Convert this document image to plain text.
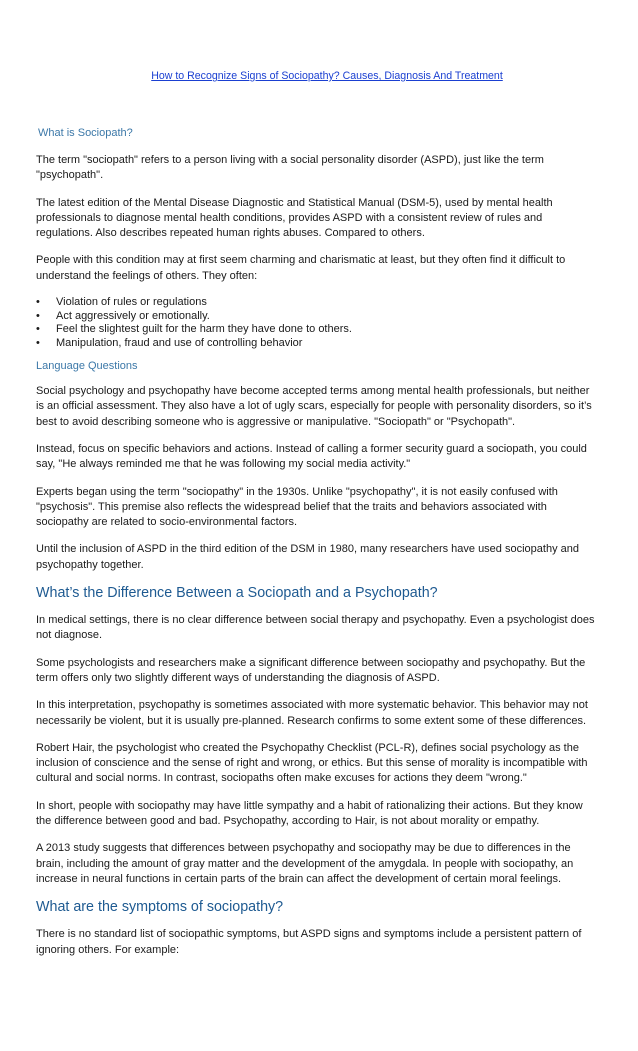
How to Recognize Signs of Sociopathy? Causes, Diagnosis And Treatment
What is Sociopath?

The term "sociopath" refers to a person living with a social personality disorder (ASPD), just like the term "psychopath".

The latest edition of the Mental Disease Diagnostic and Statistical Manual (DSM-5), used by mental health professionals to diagnose mental health conditions, provides ASPD with a consistent review of rules and regulations. Also describes repeated human rights abuses. Compared to others.

People with this condition may at first seem charming and charismatic at least, but they often find it difficult to understand the feelings of others. They often:

• Violation of rules or regulations
• Act aggressively or emotionally.
• Feel the slightest guilt for the harm they have done to others.
• Manipulation, fraud and use of controlling behavior
Language Questions

Social psychology and psychopathy have become accepted terms among mental health professionals, but neither is an official assessment. They also have a lot of ugly scars, especially for people with personality disorders, so it’s best to avoid describing someone who is aggressive or manipulative. "Sociopath" or "Psychopath".

Instead, focus on specific behaviors and actions. Instead of calling a former security guard a sociopath, you could say, "He always reminded me that he was following my social media activity."

Experts began using the term "sociopathy" in the 1930s. Unlike "psychopathy", it is not easily confused with "psychosis". This premise also reflects the widespread belief that the traits and behaviors associated with sociopathy are related to socio-environmental factors.

Until the inclusion of ASPD in the third edition of the DSM in 1980, many researchers have used sociopathy and psychopathy together.

What’s the Difference Between a Sociopath and a Psychopath?

In medical settings, there is no clear difference between social therapy and psychopathy. Even a psychologist does not diagnose.

Some psychologists and researchers make a significant difference between sociopathy and psychopathy. But the term offers only two slightly different ways of understanding the diagnosis of ASPD.

In this interpretation, psychopathy is sometimes associated with more systematic behavior. This behavior may not necessarily be violent, but it is usually pre-planned. Research confirms to some extent some of these differences.

Robert Hair, the psychologist who created the Psychopathy Checklist (PCL-R), defines social psychology as the inclusion of conscience and the sense of right and wrong, or ethics. But this sense of morality is incompatible with cultural and social norms. In contrast, sociopaths often make excuses for actions they deem "wrong."

In short, people with sociopathy may have little sympathy and a habit of rationalizing their actions. But they know the difference between good and bad. Psychopathy, according to Hair, is not about morality or empathy.

A 2013 study suggests that differences between psychopathy and sociopathy may be due to differences in the brain, including the amount of gray matter and the development of the amygdala. In people with sociopathy, an increase in neural functions in certain parts of the brain can affect the development of certain moral feelings.

What are the symptoms of sociopathy?

There is no standard list of sociopathic symptoms, but ASPD signs and symptoms include a persistent pattern of ignoring others. For example:
